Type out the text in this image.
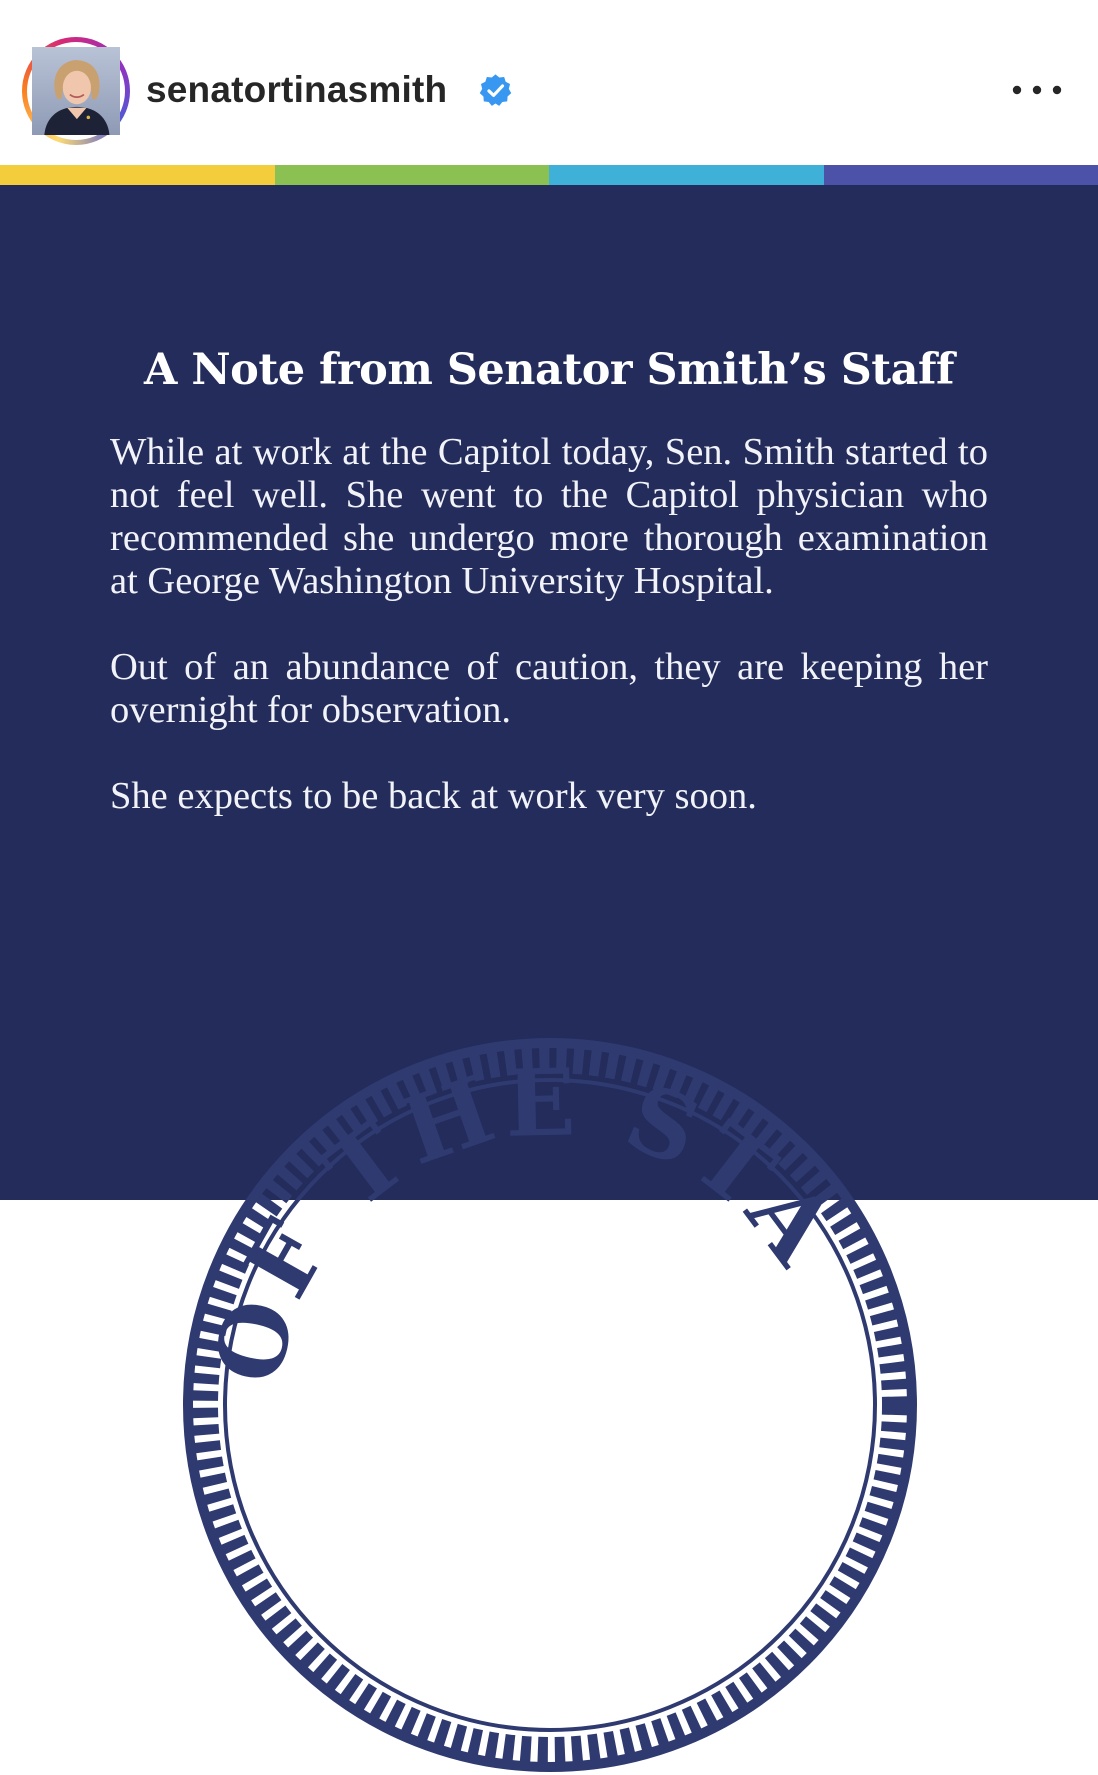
senatortinasmith
OF THE STA
A Note from Senator Smith’s Staff

While at work at the Capitol today, Sen. Smith started to not feel well. She went to the Capitol physician who recommended she undergo more thorough examination at George Washington University Hospital.

Out of an abundance of caution, they are keeping her overnight for observation.

She expects to be back at work very soon.
